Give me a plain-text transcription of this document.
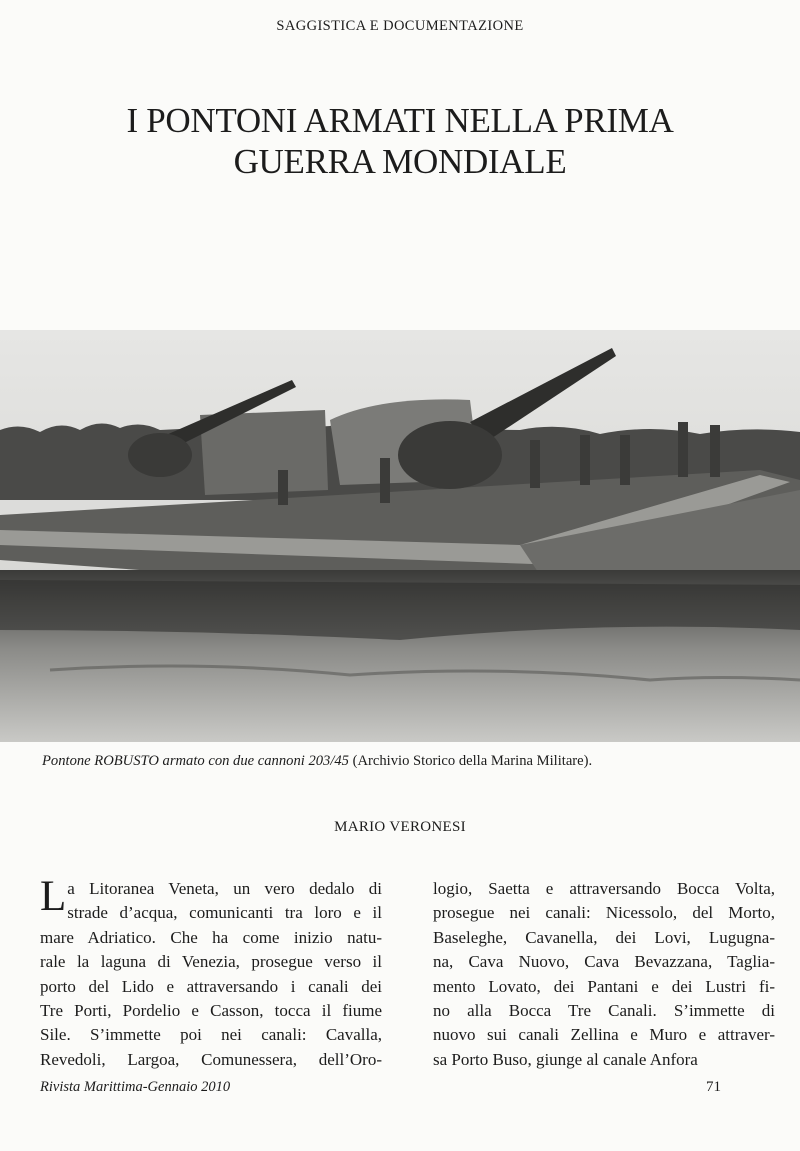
SAGGISTICA E DOCUMENTAZIONE
I PONTONI ARMATI NELLA PRIMA
GUERRA MONDIALE
Pontone ROBUSTO armato con due cannoni 203/45 (Archivio Storico della Marina Militare).
MARIO VERONESI
L a Litoranea Veneta, un vero dedalo di
strade d’acqua, comunicanti tra loro e il
mare Adriatico. Che ha come inizio natu-
rale la laguna di Venezia, prosegue verso il
porto del Lido e attraversando i canali dei
Tre Porti, Pordelio e Casson, tocca il fiume
Sile. S’immette poi nei canali: Cavalla,
Revedoli, Largoa, Comunessera, dell’Oro-
logio, Saetta e attraversando Bocca Volta,
prosegue nei canali: Nicessolo, del Morto,
Baseleghe, Cavanella, dei Lovi, Lugugna-
na, Cava Nuovo, Cava Bevazzana, Taglia-
mento Lovato, dei Pantani e dei Lustri fi-
no alla Bocca Tre Canali. S’immette di
nuovo sui canali Zellina e Muro e attraver-
sa Porto Buso, giunge al canale Anfora
Rivista Marittima-Gennaio 2010	71
